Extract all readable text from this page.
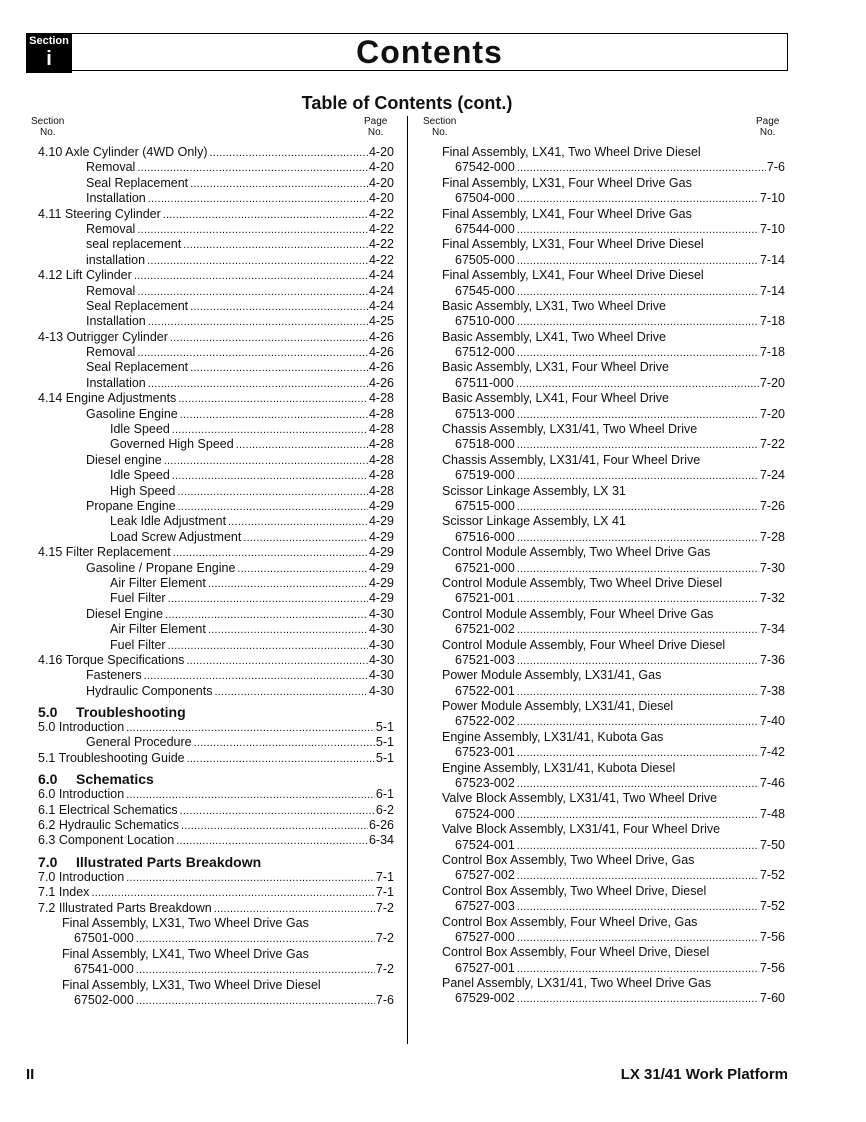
Section
i	Contents
Table of Contents (cont.)
Section
No.
Page
No.
Section
No.
Page
No.
4.10 Axle Cylinder (4WD Only) .....	4-20
Removal .....	4-20
Seal Replacement .....	4-20
Installation .....	4-20
4.11 Steering Cylinder .....	4-22
Removal .....	4-22
seal replacement .....	4-22
installation .....	4-22
4.12 Lift Cylinder .....	4-24
Removal .....	4-24
Seal Replacement .....	4-24
Installation .....	4-25
4-13 Outrigger Cylinder .....	4-26
Removal .....	4-26
Seal Replacement .....	4-26
Installation .....	4-26
4.14 Engine Adjustments .....	4-28
Gasoline Engine .....	4-28
Idle Speed .....	4-28
Governed High Speed .....	4-28
Diesel engine .....	4-28
Idle Speed .....	4-28
High Speed .....	4-28
Propane Engine .....	4-29
Leak Idle Adjustment .....	4-29
Load Screw Adjustment .....	4-29
4.15 Filter Replacement .....	4-29
Gasoline / Propane Engine .....	4-29
Air Filter Element .....	4-29
Fuel Filter .....	4-29
Diesel Engine .....	4-30
Air Filter Element .....	4-30
Fuel Filter .....	4-30
4.16 Torque Specifications .....	4-30
Fasteners .....	4-30
Hydraulic Components .....	4-30
5.0 Troubleshooting
5.0 Introduction .....	5-1
General Procedure .....	5-1
5.1 Troubleshooting Guide .....	5-1
6.0 Schematics
6.0 Introduction .....	6-1
6.1 Electrical Schematics .....	6-2
6.2 Hydraulic Schematics .....	6-26
6.3 Component Location .....	6-34
7.0 Illustrated Parts Breakdown
7.0 Introduction .....	7-1
7.1 Index .....	7-1
7.2 Illustrated Parts Breakdown .....	7-2
Final Assembly, LX31, Two Wheel Drive Gas
67501-000 .....	7-2
Final Assembly, LX41, Two Wheel Drive Gas
67541-000 .....	7-2
Final Assembly, LX31, Two Wheel Drive Diesel
67502-000 .....	7-6
Final Assembly, LX41, Two Wheel Drive Diesel
67542-000 .....	7-6
Final Assembly, LX31, Four Wheel Drive Gas
67504-000 .....	7-10
Final Assembly, LX41, Four Wheel Drive Gas
67544-000 .....	7-10
Final Assembly, LX31, Four Wheel Drive Diesel
67505-000 .....	7-14
Final Assembly, LX41, Four Wheel Drive Diesel
67545-000 .....	7-14
Basic Assembly, LX31, Two Wheel Drive
67510-000 .....	7-18
Basic Assembly, LX41, Two Wheel Drive
67512-000 .....	7-18
Basic Assembly, LX31, Four Wheel Drive
67511-000 .....	7-20
Basic Assembly, LX41, Four Wheel Drive
67513-000 .....	7-20
Chassis Assembly, LX31/41, Two Wheel Drive
67518-000 .....	7-22
Chassis Assembly, LX31/41, Four Wheel Drive
67519-000 .....	7-24
Scissor Linkage Assembly, LX 31
67515-000 .....	7-26
Scissor Linkage Assembly, LX 41
67516-000 .....	7-28
Control Module Assembly, Two Wheel Drive Gas
67521-000 .....	7-30
Control Module Assembly, Two Wheel Drive Diesel
67521-001 .....	7-32
Control Module Assembly, Four Wheel Drive Gas
67521-002 .....	7-34
Control Module Assembly, Four Wheel Drive Diesel
67521-003 .....	7-36
Power Module Assembly, LX31/41, Gas
67522-001 .....	7-38
Power Module Assembly, LX31/41, Diesel
67522-002 .....	7-40
Engine Assembly, LX31/41, Kubota Gas
67523-001 .....	7-42
Engine Assembly, LX31/41, Kubota Diesel
67523-002 .....	7-46
Valve Block Assembly, LX31/41, Two Wheel Drive
67524-000 .....	7-48
Valve Block Assembly, LX31/41, Four Wheel Drive
67524-001 .....	7-50
Control Box Assembly, Two Wheel Drive, Gas
67527-002 .....	7-52
Control Box Assembly, Two Wheel Drive, Diesel
67527-003 .....	7-52
Control Box Assembly, Four Wheel Drive, Gas
67527-000 .....	7-56
Control Box Assembly, Four Wheel Drive, Diesel
67527-001 .....	7-56
Panel Assembly, LX31/41, Two Wheel Drive Gas
67529-002 .....	7-60
II	LX 31/41 Work Platform
